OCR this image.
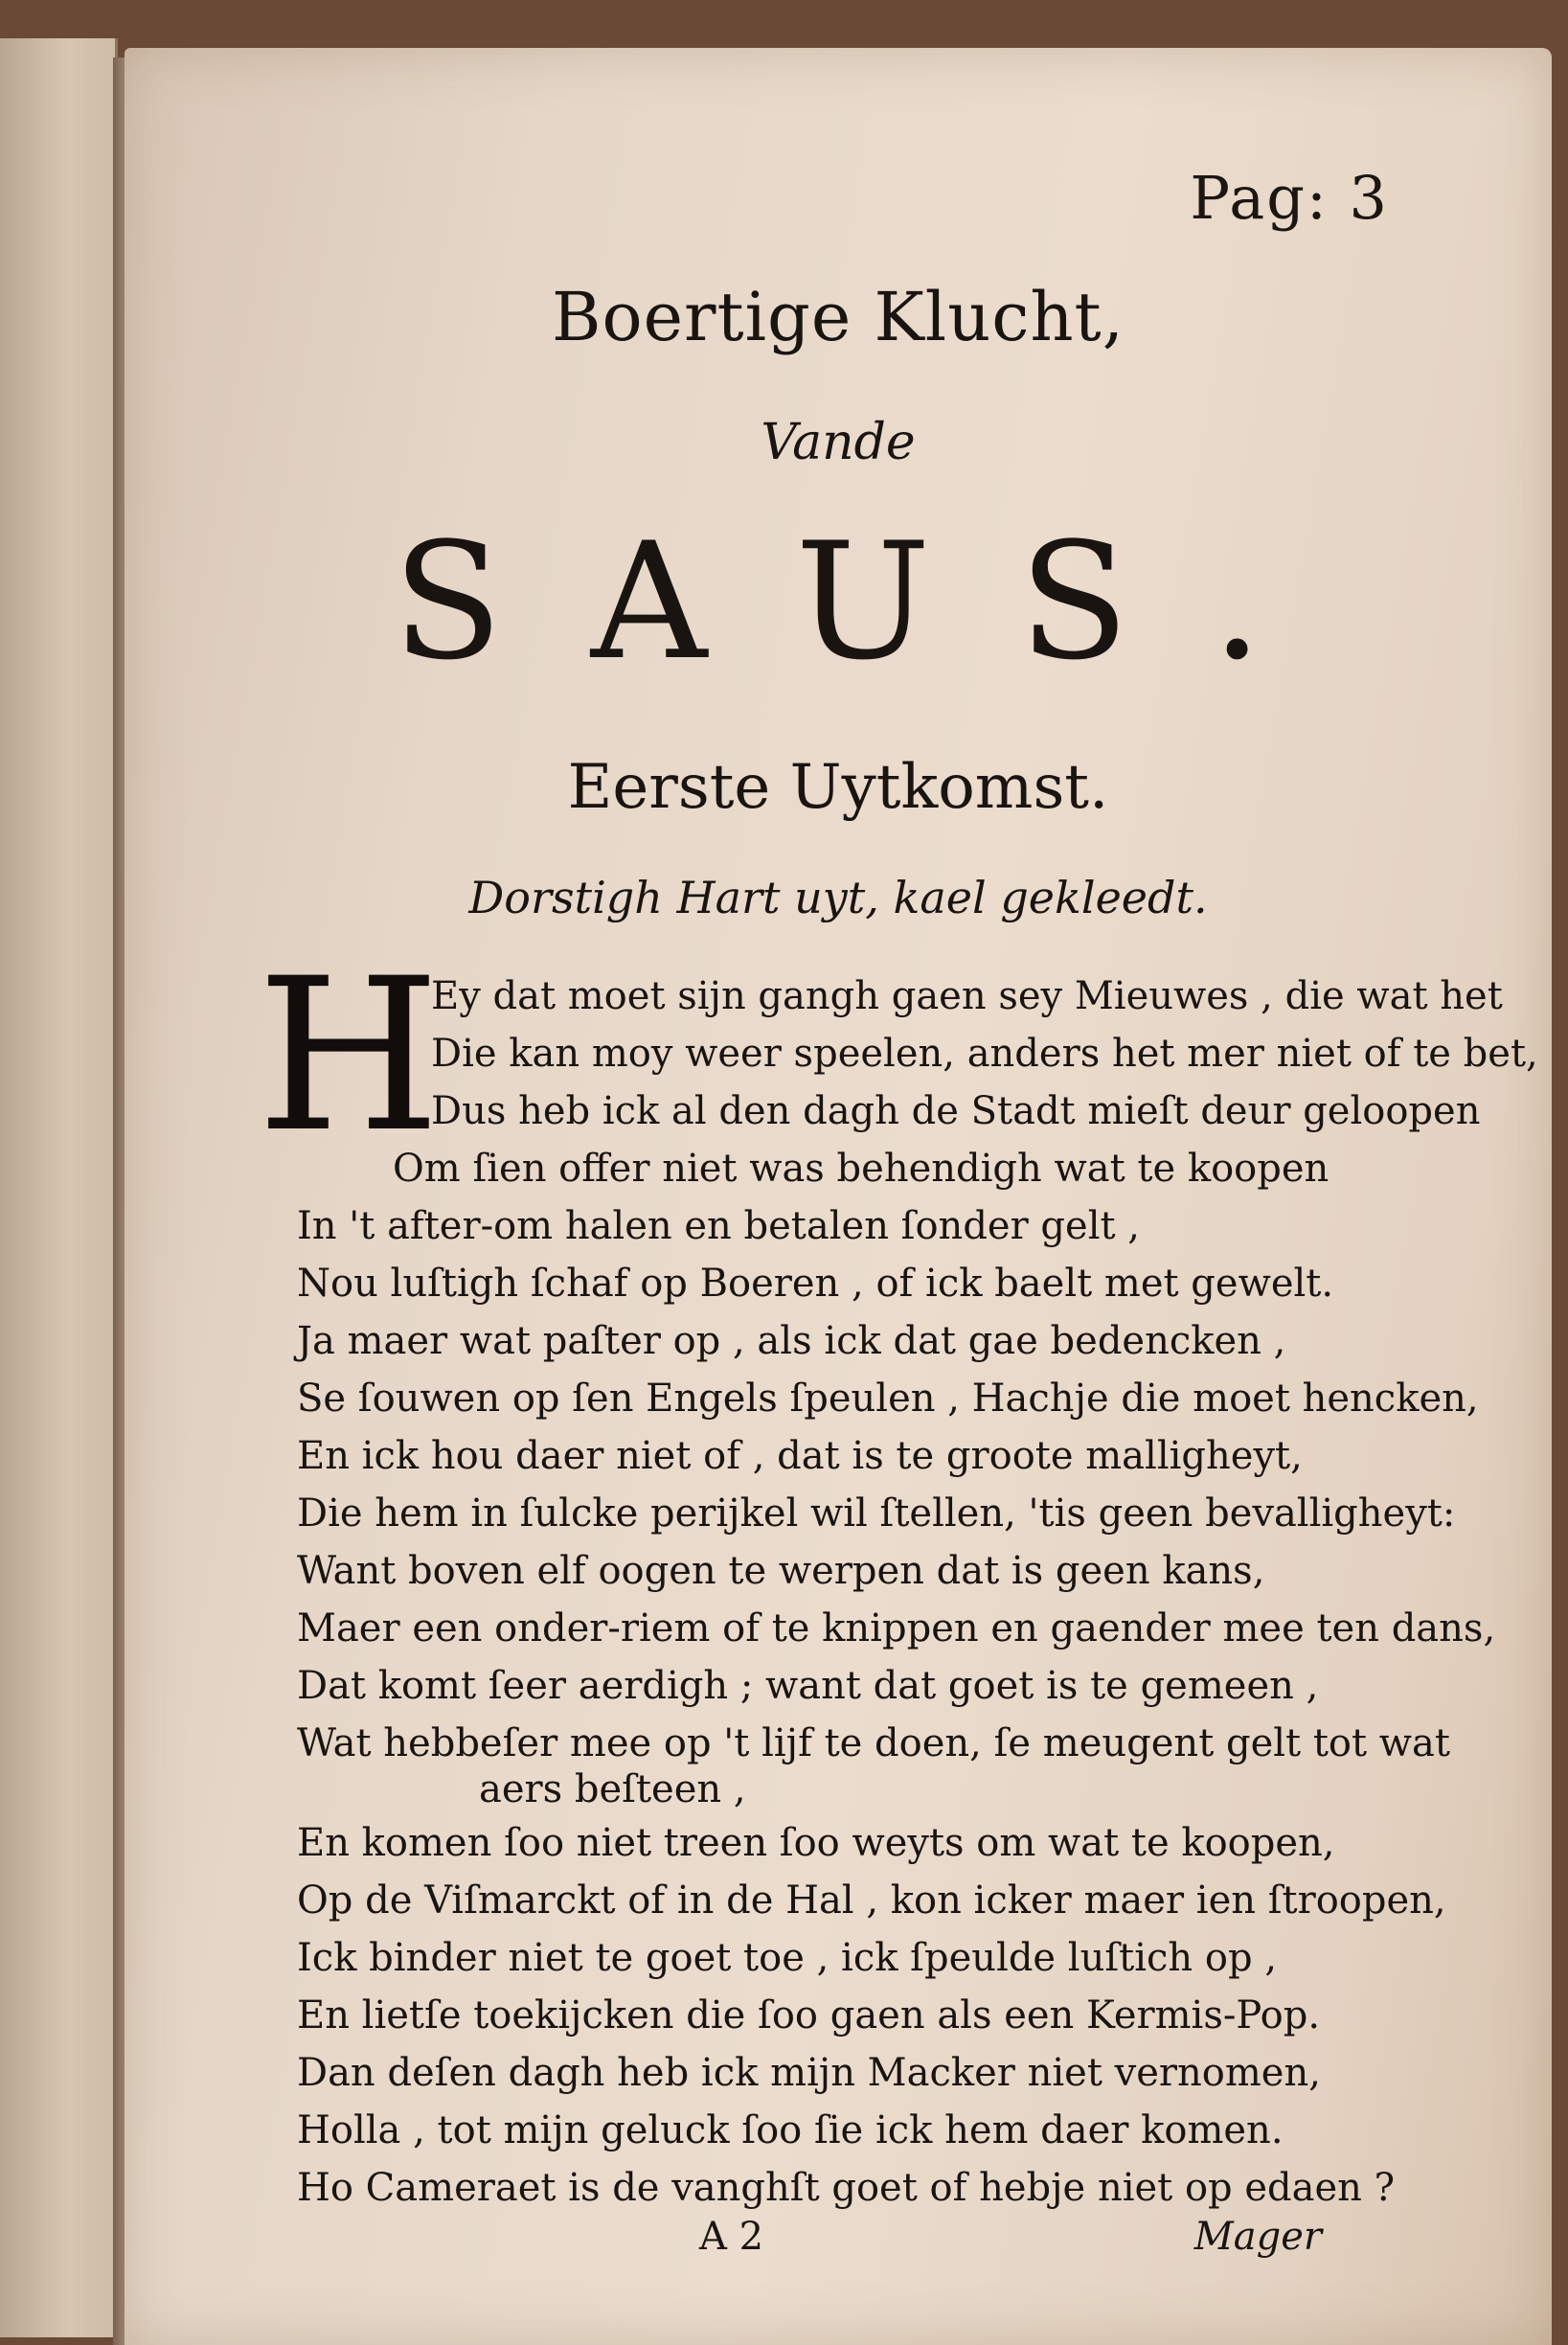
Pag: 3
Boertige Klucht,
Vande
SAUS.
Eerste Uytkomst.
Dorstigh Hart uyt, kael gekleedt.
H
Ey dat moet sijn gangh gaen sey Mieuwes , die wat het
Die kan moy weer speelen, anders het mer niet of te bet,
Dus heb ick al den dagh de Stadt mieſt deur geloopen
Om ſien offer niet was behendigh wat te koopen
In 't after-om halen en betalen ſonder gelt ,
Nou luſtigh ſchaf op Boeren , of ick baelt met gewelt.
Ja maer wat paſter op , als ick dat gae bedencken ,
Se ſouwen op ſen Engels ſpeulen , Hachje die moet hencken,
En ick hou daer niet of , dat is te groote malligheyt,
Die hem in ſulcke perijkel wil ſtellen, 'tis geen bevalligheyt:
Want boven elf oogen te werpen dat is geen kans,
Maer een onder-riem of te knippen en gaender mee ten dans,
Dat komt ſeer aerdigh ; want dat goet is te gemeen ,
Wat hebbeſer mee op 't lijf te doen, ſe meugent gelt tot wat
aers beſteen ,
En komen ſoo niet treen ſoo weyts om wat te koopen,
Op de Viſmarckt of in de Hal , kon icker maer ien ſtroopen,
Ick binder niet te goet toe , ick ſpeulde luſtich op ,
En lietſe toekijcken die ſoo gaen als een Kermis-Pop.
Dan deſen dagh heb ick mijn Macker niet vernomen,
Holla , tot mijn geluck ſoo ſie ick hem daer komen.
Ho Cameraet is de vanghſt goet of hebje niet op edaen ?
A 2	Mager
